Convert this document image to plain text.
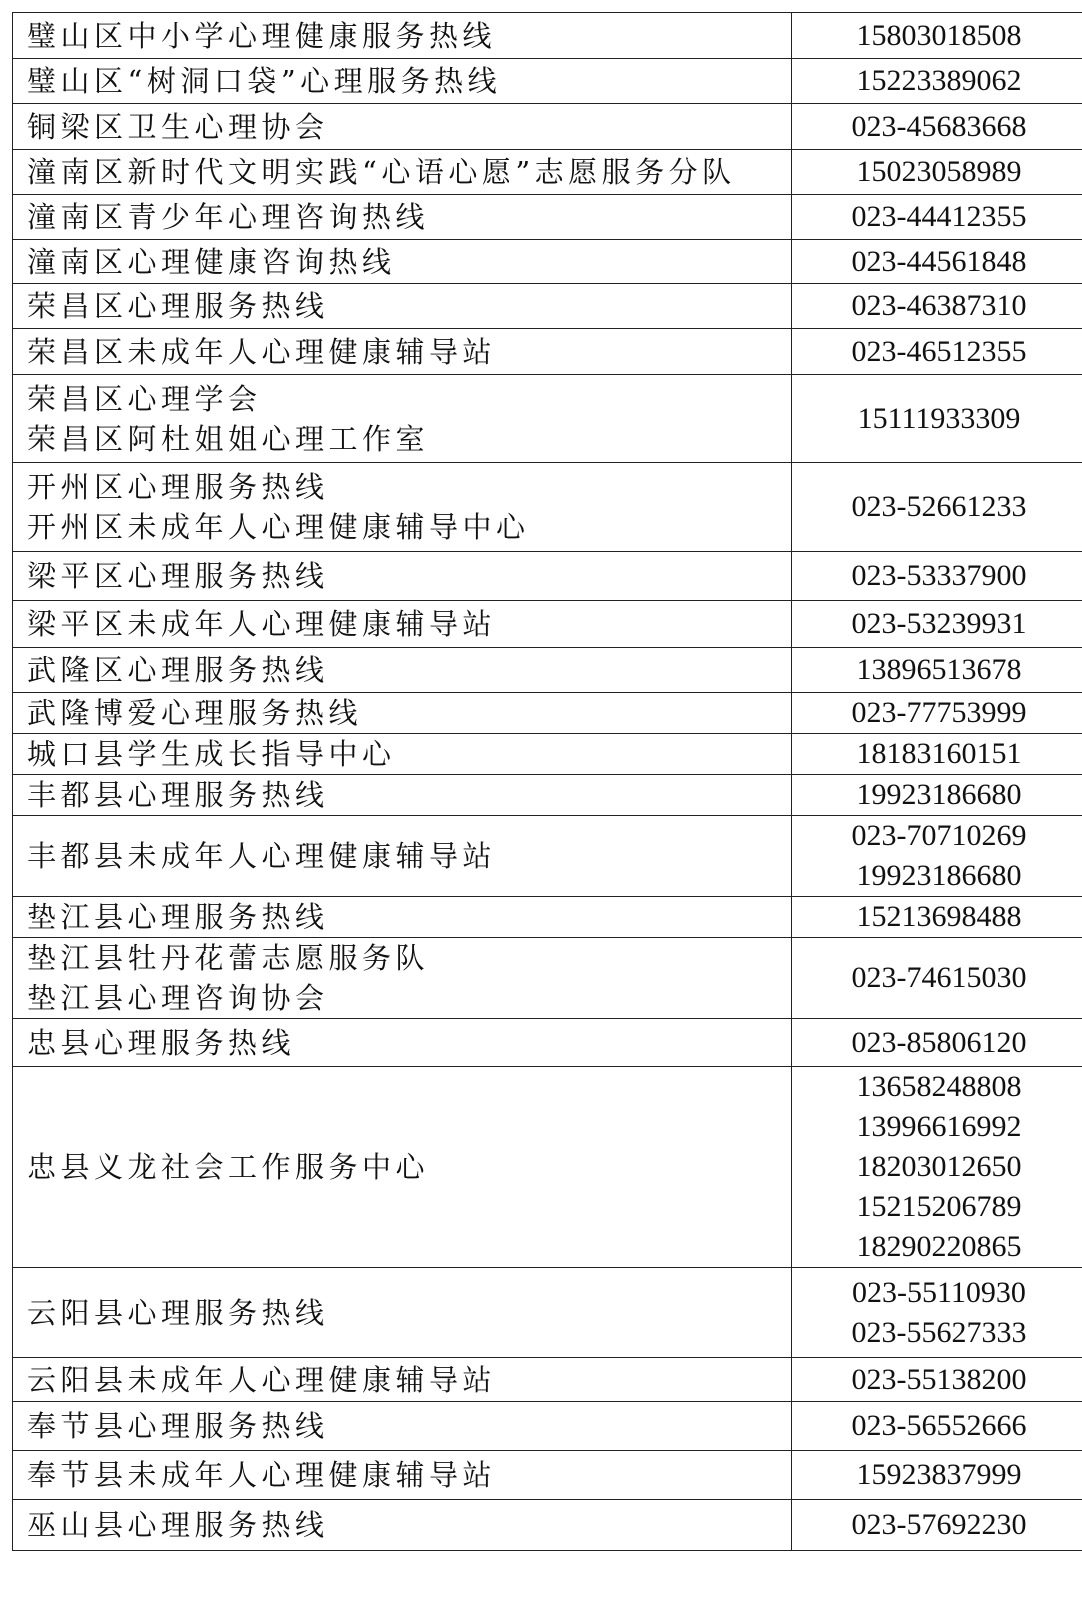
璧山区中小学心理健康服务热线	15803018508

璧山区“树洞口袋”心理服务热线	15223389062

铜梁区卫生心理协会	023-45683668

潼南区新时代文明实践“心语心愿”志愿服务分队	15023058989

潼南区青少年心理咨询热线	023-44412355

潼南区心理健康咨询热线	023-44561848

荣昌区心理服务热线	023-46387310

荣昌区未成年人心理健康辅导站	023-46512355

荣昌区心理学会
荣昌区阿杜姐姐心理工作室	15111933309

开州区心理服务热线
开州区未成年人心理健康辅导中心	023-52661233

梁平区心理服务热线	023-53337900

梁平区未成年人心理健康辅导站	023-53239931

武隆区心理服务热线	13896513678

武隆博爱心理服务热线	023-77753999

城口县学生成长指导中心	18183160151

丰都县心理服务热线	19923186680

丰都县未成年人心理健康辅导站	023-70710269
19923186680

垫江县心理服务热线	15213698488

垫江县牡丹花蕾志愿服务队
垫江县心理咨询协会	023-74615030

忠县心理服务热线	023-85806120

忠县义龙社会工作服务中心	13658248808
13996616992
18203012650
15215206789
18290220865

云阳县心理服务热线	023-55110930
023-55627333

云阳县未成年人心理健康辅导站	023-55138200

奉节县心理服务热线	023-56552666

奉节县未成年人心理健康辅导站	15923837999

巫山县心理服务热线	023-57692230
